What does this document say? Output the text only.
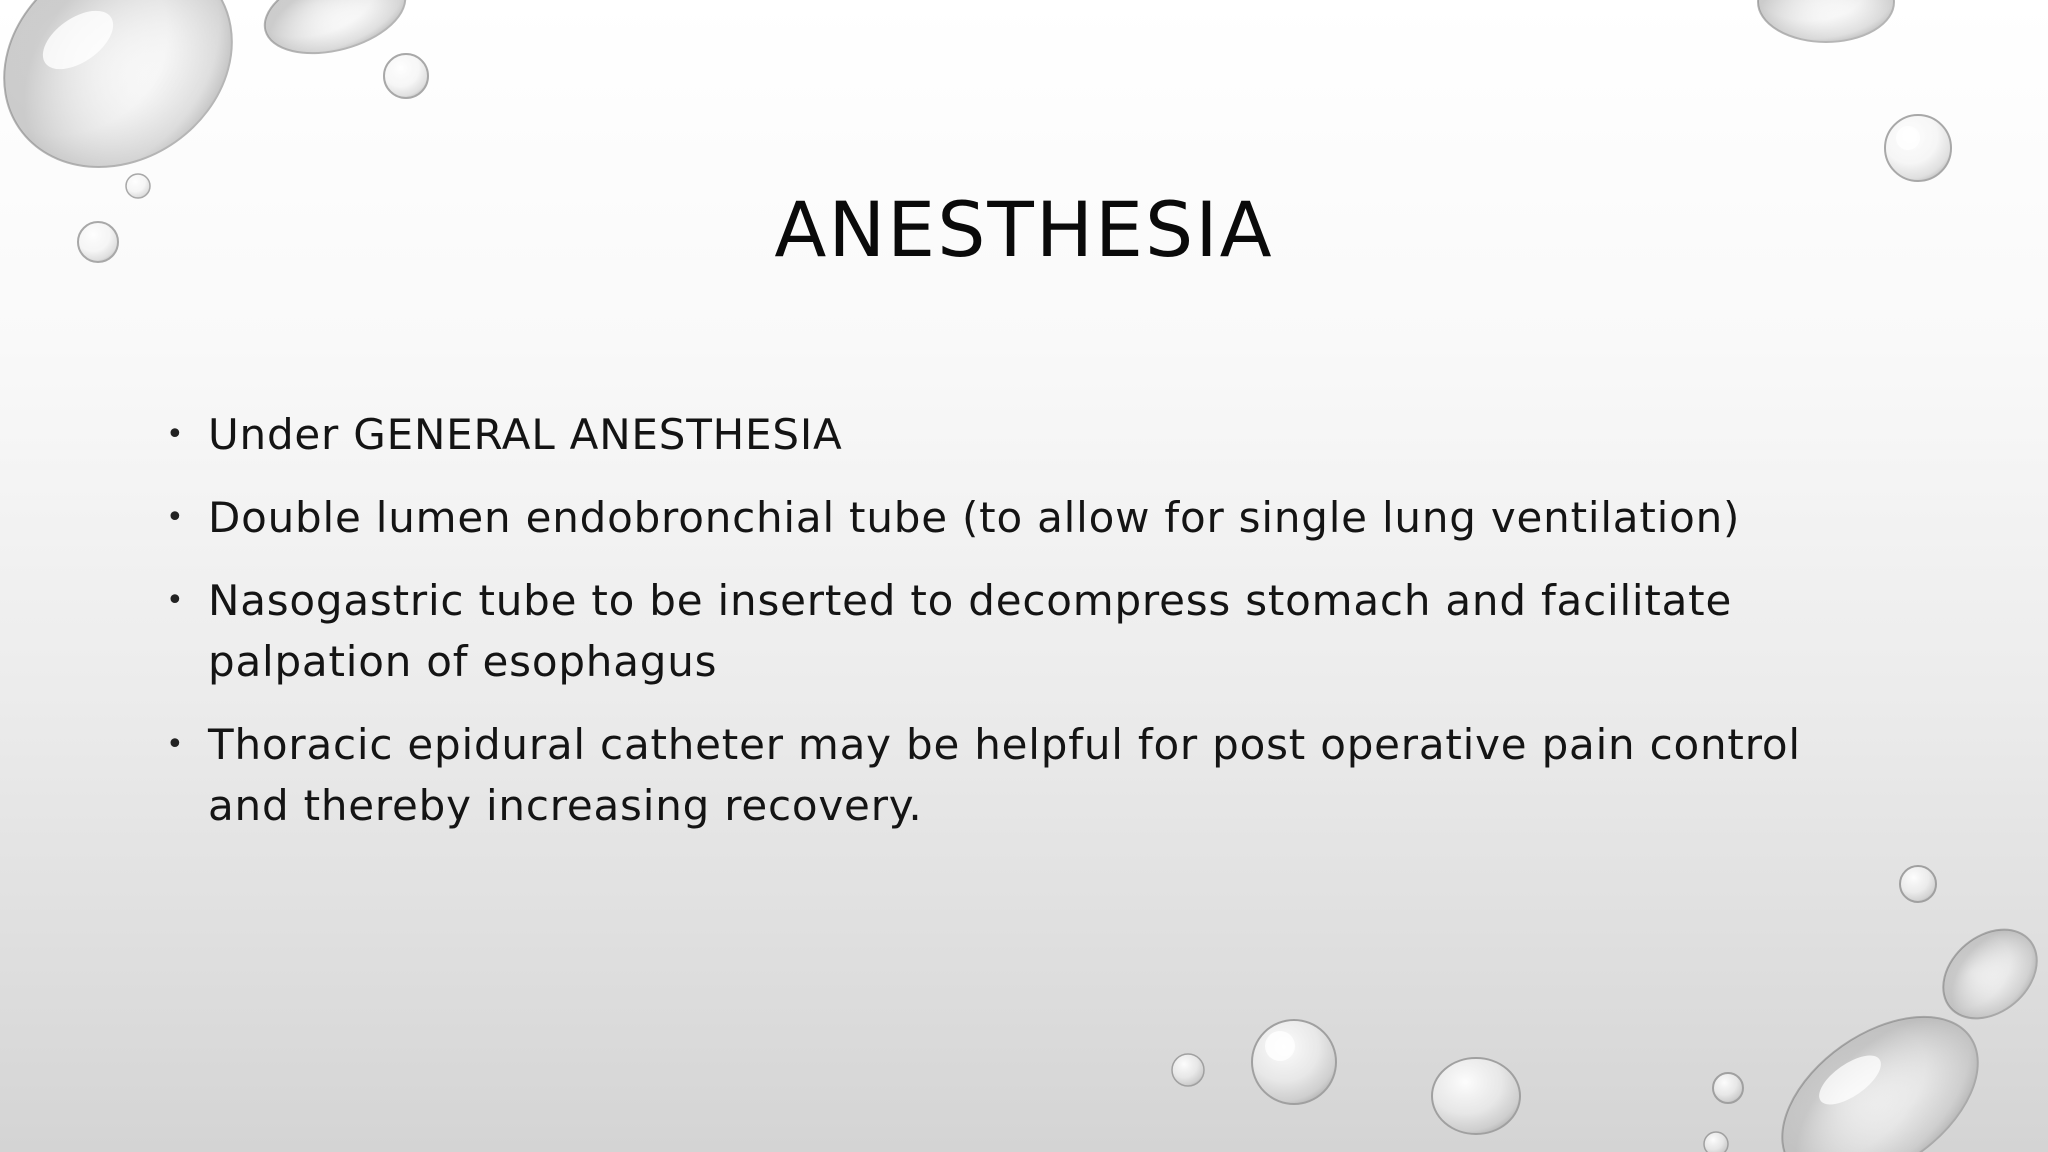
ANESTHESIA
• Under GENERAL ANESTHESIA
• Double lumen endobronchial tube (to allow for single lung ventilation)
• Nasogastric tube to be inserted to decompress stomach and facilitate palpation of esophagus
• Thoracic epidural catheter may be helpful for post operative pain control and thereby increasing recovery.
